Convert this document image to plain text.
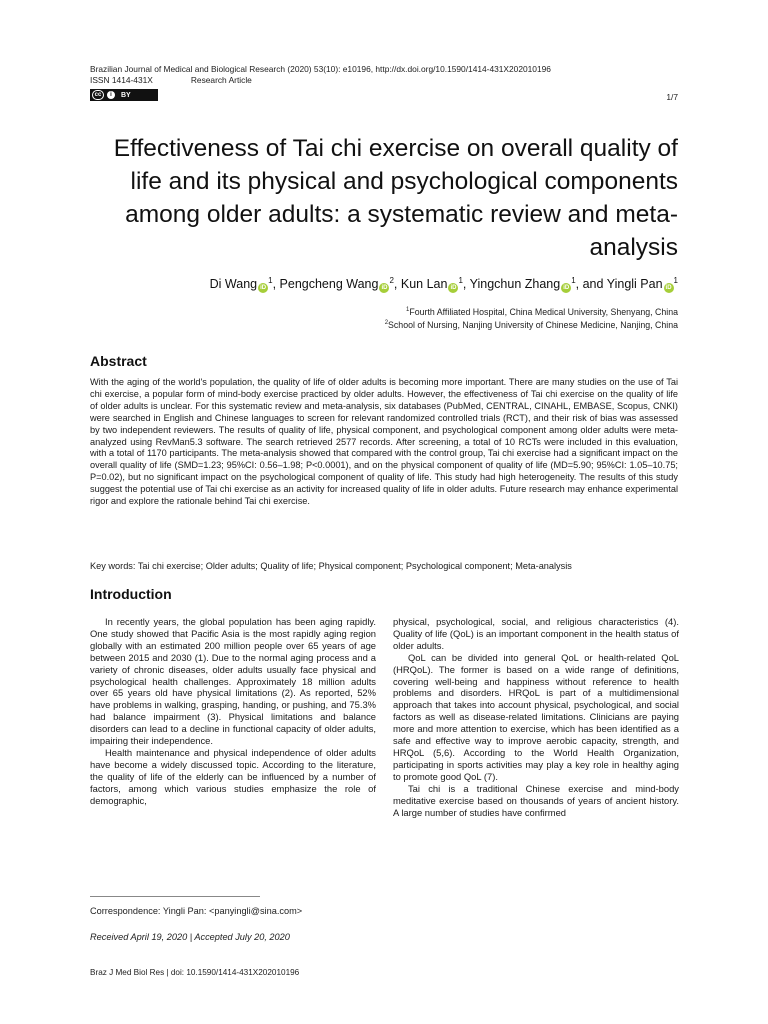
Brazilian Journal of Medical and Biological Research (2020) 53(10): e10196, http://dx.doi.org/10.1590/1414-431X202010196
ISSN 1414-431X	Research Article
cc	i	BY	1/7
Effectiveness of Tai chi exercise on overall quality of life and its physical and psychological components among older adults: a systematic review and meta-analysis
Di Wang $iD^1$, Pengcheng Wang $iD^2$, Kun Lan $iD^1$, Yingchun Zhang $iD^1$, and Yingli Pan $iD^1$
$^1$Fourth Affiliated Hospital, China Medical University, Shenyang, China
$^2$School of Nursing, Nanjing University of Chinese Medicine, Nanjing, China
Abstract
With the aging of the world's population, the quality of life of older adults is becoming more important. There are many studies on the use of Tai chi exercise, a popular form of mind-body exercise practiced by older adults. However, the effectiveness of Tai chi exercise on the quality of life of older adults is unclear. For this systematic review and meta-analysis, six databases (PubMed, CENTRAL, CINAHL, EMBASE, Scopus, CNKI) were searched in English and Chinese languages to screen for relevant randomized controlled trials (RCT), and their risk of bias was assessed by two independent reviewers. The results of quality of life, physical component, and psychological component among older adults were meta-analyzed using RevMan5.3 software. The search retrieved 2577 records. After screening, a total of 10 RCTs were included in this evaluation, with a total of 1170 participants. The meta-analysis showed that compared with the control group, Tai chi exercise had a significant impact on the overall quality of life (SMD=1.23; 95%CI: 0.56–1.98; P<0.0001), and on the physical component of quality of life (MD=5.90; 95%CI: 1.05–10.75; P=0.02), but no significant impact on the psychological component of quality of life. This study had high heterogeneity. The results of this study suggest the potential use of Tai chi exercise as an activity for increased quality of life in older adults. Future research may enhance experimental rigor and explore the rationale behind Tai chi exercise.
Key words: Tai chi exercise; Older adults; Quality of life; Physical component; Psychological component; Meta-analysis
Introduction

In recently years, the global population has been aging rapidly. One study showed that Pacific Asia is the most rapidly aging region globally with an estimated 200 million people over 65 years of age between 2015 and 2030 (1). Due to the normal aging process and a variety of chronic diseases, older adults usually face physical and psychological health challenges. Approximately 18 million adults over 65 years old have physical limitations (2). As reported, 52% have problems in walking, grasping, handing, or pushing, and 75.3% had balance impairment (3). Physical limitations and balance disorders can lead to a decline in functional capacity of older adults, impairing their independence.

Health maintenance and physical independence of older adults have become a widely discussed topic. According to the literature, the quality of life of the elderly can be influenced by a number of factors, among which various studies emphasize the role of demographic,

physical, psychological, social, and religious characteristics (4). Quality of life (QoL) is an important component in the health status of older adults.

QoL can be divided into general QoL or health-related QoL (HRQoL). The former is based on a wide range of definitions, covering well-being and happiness without reference to health problems and disorders. HRQoL is part of a multidimensional approach that takes into account physical, psychological, and social factors as well as disease-related limitations. Clinicians are paying more and more attention to exercise, which has been identified as a safe and effective way to improve aerobic capacity, strength, and HRQoL (5,6). According to the World Health Organization, participating in sports activities may play a key role in healthy aging to promote good QoL (7).

Tai chi is a traditional Chinese exercise and mind-body meditative exercise based on thousands of years of ancient history. A large number of studies have confirmed

Correspondence: Yingli Pan: <panyingli@sina.com>
Received April 19, 2020 | Accepted July 20, 2020
Braz J Med Biol Res | doi: 10.1590/1414-431X202010196
